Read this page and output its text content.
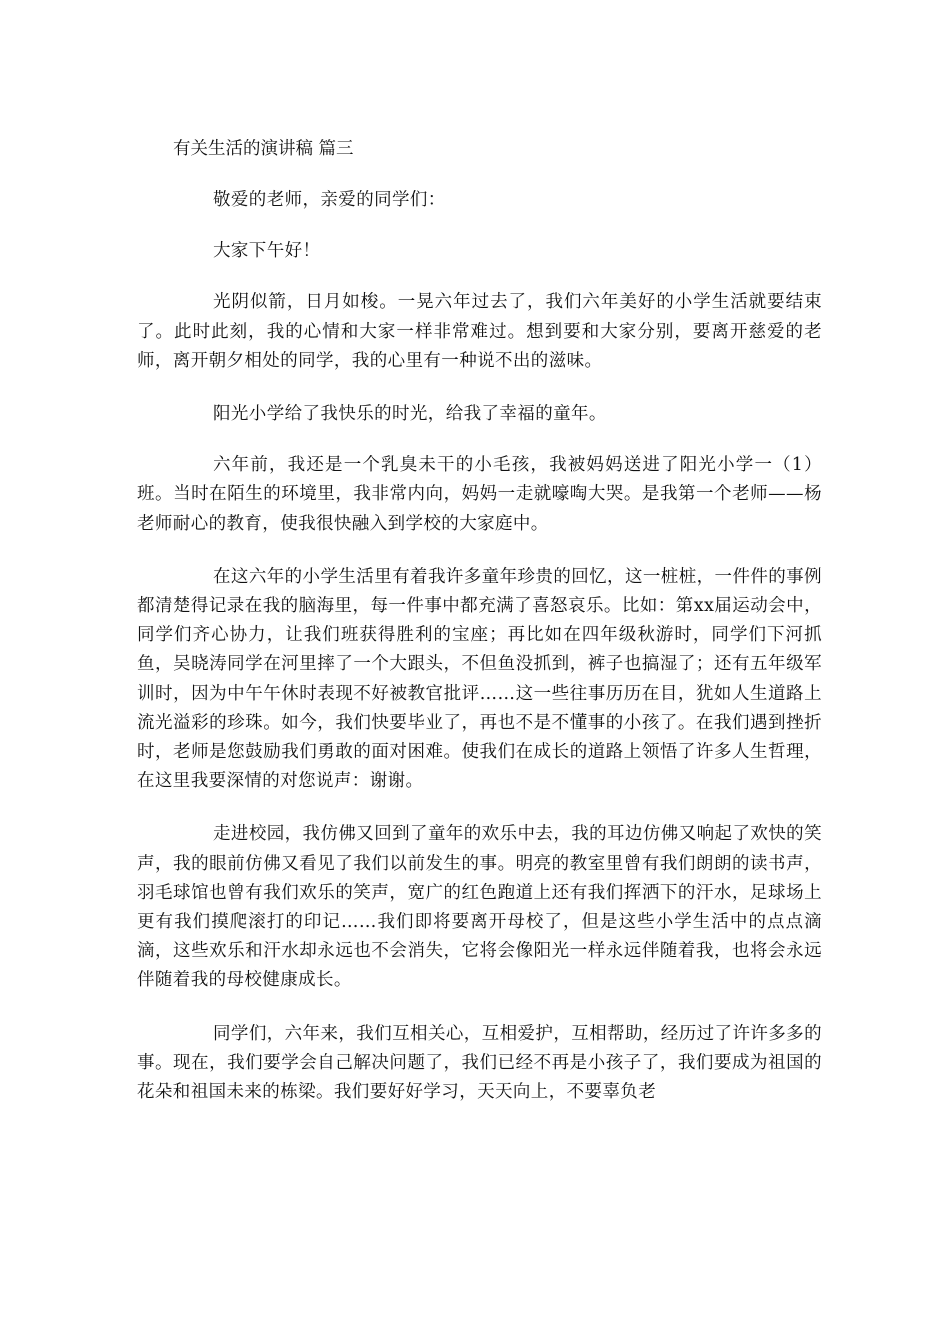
有关生活的演讲稿 篇三

敬爱的老师，亲爱的同学们：

大家下午好！

光阴似箭，日月如梭。一晃六年过去了，我们六年美好的小学生活就要结束了。此时此刻，我的心情和大家一样非常难过。想到要和大家分别，要离开慈爱的老师，离开朝夕相处的同学，我的心里有一种说不出的滋味。

阳光小学给了我快乐的时光，给我了幸福的童年。

六年前，我还是一个乳臭未干的小毛孩，我被妈妈送进了阳光小学一（1）班。当时在陌生的环境里，我非常内向，妈妈一走就嚎啕大哭。是我第一个老师——杨老师耐心的教育，使我很快融入到学校的大家庭中。

在这六年的小学生活里有着我许多童年珍贵的回忆，这一桩桩，一件件的事例都清楚得记录在我的脑海里，每一件事中都充满了喜怒哀乐。比如：第xx届运动会中，同学们齐心协力，让我们班获得胜利的宝座；再比如在四年级秋游时，同学们下河抓鱼，吴晓涛同学在河里摔了一个大跟头，不但鱼没抓到，裤子也搞湿了；还有五年级军训时，因为中午午休时表现不好被教官批评……这一些往事历历在目，犹如人生道路上流光溢彩的珍珠。如今，我们快要毕业了，再也不是不懂事的小孩了。在我们遇到挫折时，老师是您鼓励我们勇敢的面对困难。使我们在成长的道路上领悟了许多人生哲理，在这里我要深情的对您说声：谢谢。

走进校园，我仿佛又回到了童年的欢乐中去，我的耳边仿佛又响起了欢快的笑声，我的眼前仿佛又看见了我们以前发生的事。明亮的教室里曾有我们朗朗的读书声，羽毛球馆也曾有我们欢乐的笑声，宽广的红色跑道上还有我们挥洒下的汗水，足球场上更有我们摸爬滚打的印记……我们即将要离开母校了，但是这些小学生活中的点点滴滴，这些欢乐和汗水却永远也不会消失，它将会像阳光一样永远伴随着我，也将会永远伴随着我的母校健康成长。

同学们，六年来，我们互相关心，互相爱护，互相帮助，经历过了许许多多的事。现在，我们要学会自己解决问题了，我们已经不再是小孩子了，我们要成为祖国的花朵和祖国未来的栋梁。我们要好好学习，天天向上，不要辜负老
